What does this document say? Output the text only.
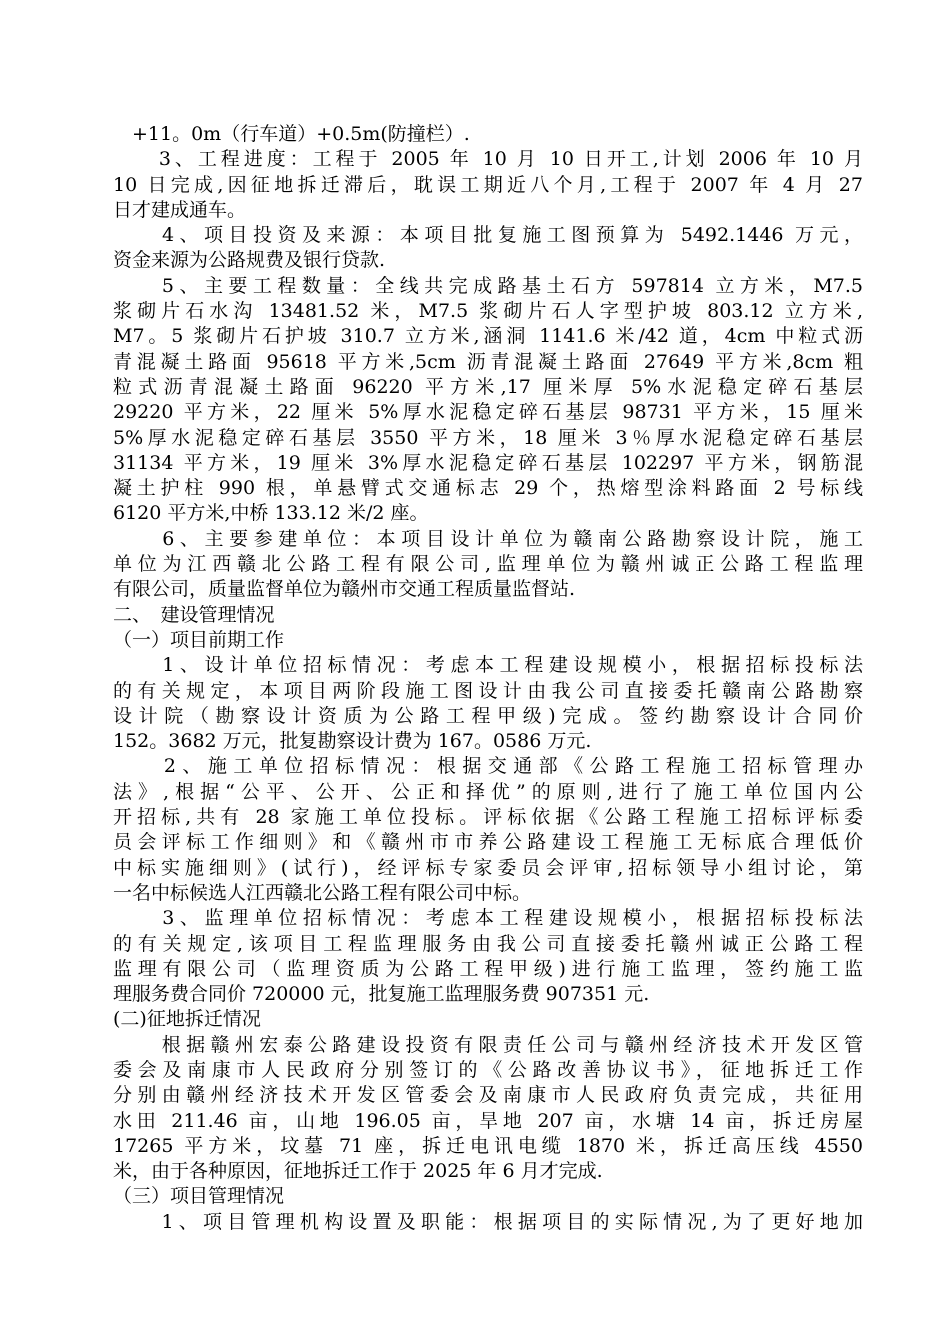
　+11。0m（行车道）+0.5m(防撞栏）.
　　3、工程进度：工程于 2005 年 10 月 10 日开工,计划 2006 年 10 月
10 日完成,因征地拆迁滞后，耽误工期近八个月,工程于 2007 年 4 月 27
日才建成通车。
　　4、项目投资及来源：本项目批复施工图预算为 5492.1446 万元，
资金来源为公路规费及银行贷款.
　　5、主要工程数量：全线共完成路基土石方 597814 立方米，M7.5
浆砌片石水沟 13481.52 米，M7.5 浆砌片石人字型护坡 803.12 立方米,
M7。5 浆砌片石护坡 310.7 立方米,涵洞 1141.6 米/42 道，4cm 中粒式沥
青混凝土路面 95618 平方米,5cm 沥青混凝土路面 27649 平方米,8cm 粗
粒式沥青混凝土路面 96220 平方米,17 厘米厚 5%水泥稳定碎石基层
29220 平方米，22 厘米 5%厚水泥稳定碎石基层 98731 平方米，15 厘米
5%厚水泥稳定碎石基层 3550 平方米，18 厘米 3％厚水泥稳定碎石基层
31134 平方米，19 厘米 3%厚水泥稳定碎石基层 102297 平方米，钢筋混
凝土护柱 990 根，单悬臂式交通标志 29 个，热熔型涂料路面 2 号标线
6120 平方米,中桥 133.12 米/2 座。
　　6、主要参建单位：本项目设计单位为赣南公路勘察设计院，施工
单位为江西赣北公路工程有限公司,监理单位为赣州诚正公路工程监理
有限公司，质量监督单位为赣州市交通工程质量监督站.
二、　建设管理情况
（一）项目前期工作
　　1、设计单位招标情况：考虑本工程建设规模小，根据招标投标法
的有关规定，本项目两阶段施工图设计由我公司直接委托赣南公路勘察
设计院（勘察设计资质为公路工程甲级)完成。签约勘察设计合同价
152。3682 万元，批复勘察设计费为 167。0586 万元.
　　2、施工单位招标情况：根据交通部《公路工程施工招标管理办
法》,根据“公平、公开、公正和择优”的原则,进行了施工单位国内公
开招标,共有 28 家施工单位投标。评标依据《公路工程施工招标评标委
员会评标工作细则》和《赣州市市养公路建设工程施工无标底合理低价
中标实施细则》(试行)，经评标专家委员会评审,招标领导小组讨论，第
一名中标候选人江西赣北公路工程有限公司中标。
　　3、监理单位招标情况：考虑本工程建设规模小，根据招标投标法
的有关规定,该项目工程监理服务由我公司直接委托赣州诚正公路工程
监理有限公司（监理资质为公路工程甲级)进行施工监理，签约施工监
理服务费合同价 720000 元，批复施工监理服务费 907351 元.
(二)征地拆迁情况
　　根据赣州宏泰公路建设投资有限责任公司与赣州经济技术开发区管
委会及南康市人民政府分别签订的《公路改善协议书》，征地拆迁工作
分别由赣州经济技术开发区管委会及南康市人民政府负责完成，共征用
水田 211.46 亩，山地 196.05 亩，旱地 207 亩，水塘 14 亩，拆迁房屋
17265 平方米，坟墓 71 座，拆迁电讯电缆 1870 米，拆迁高压线 4550
米，由于各种原因，征地拆迁工作于 2025 年 6 月才完成.
（三）项目管理情况
　　1、项目管理机构设置及职能：根据项目的实际情况,为了更好地加
